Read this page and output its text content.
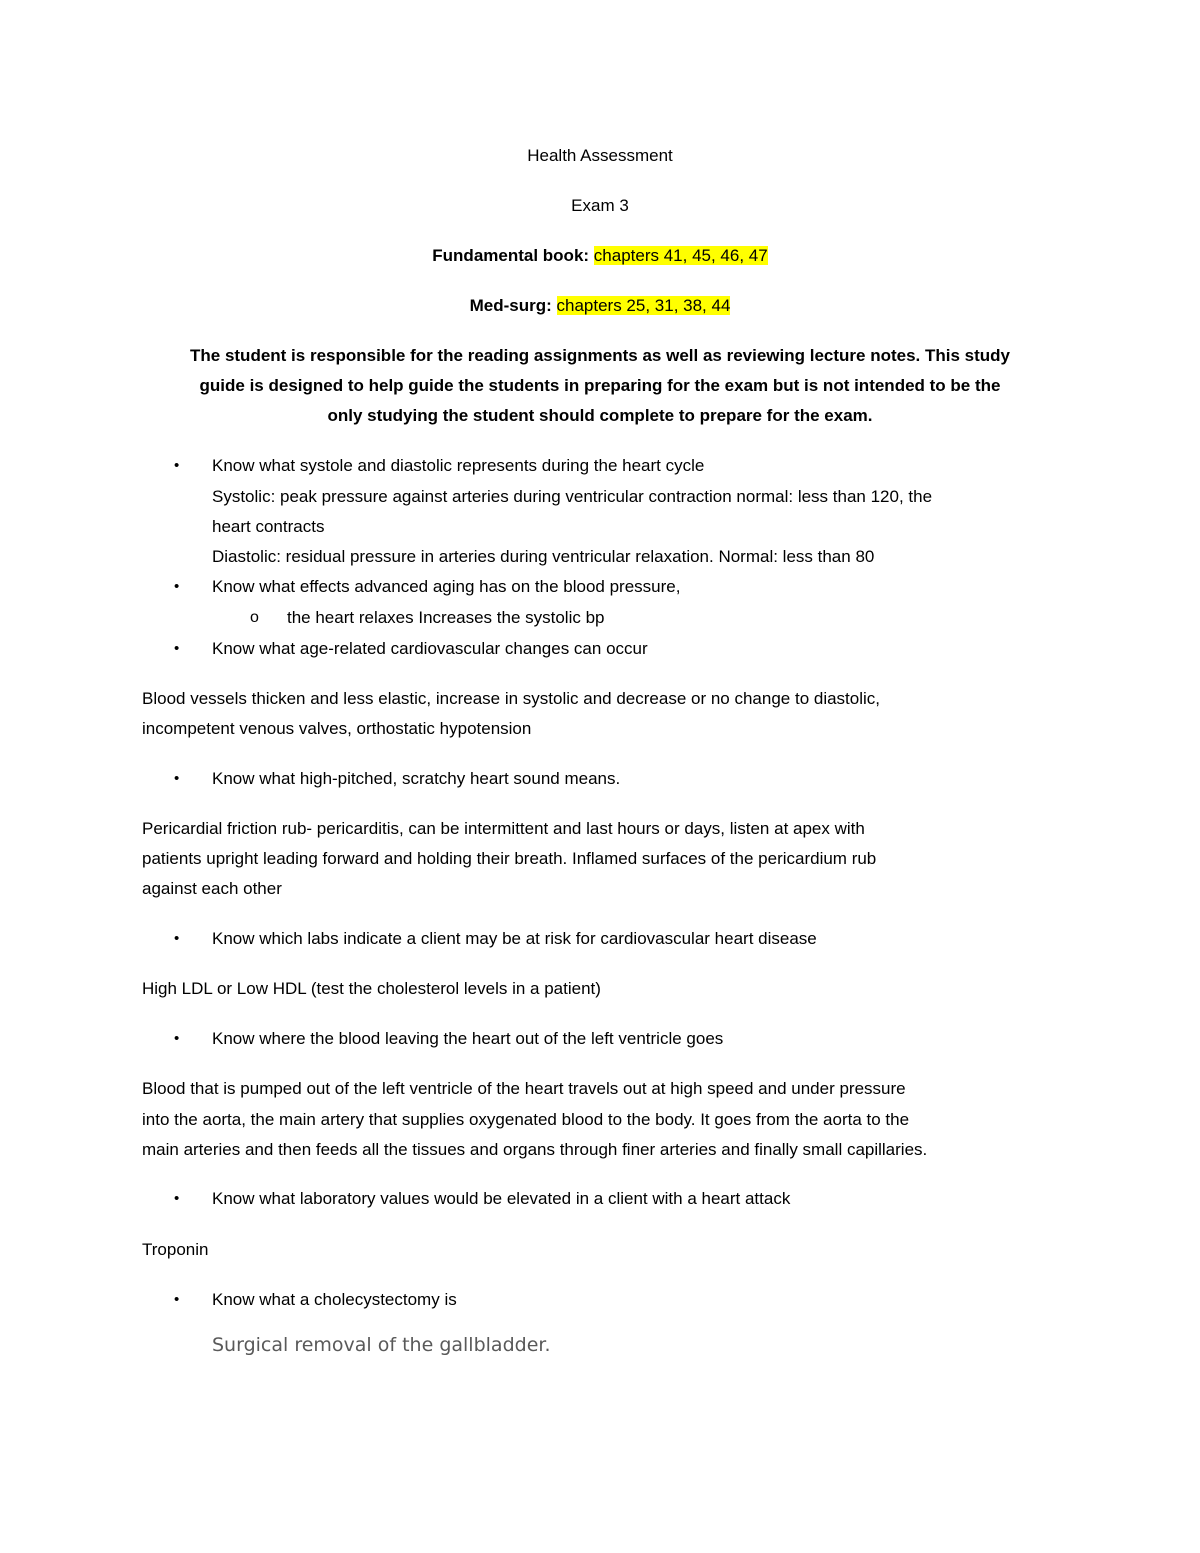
Health Assessment
Exam 3
Fundamental book: chapters 41, 45, 46, 47
Med-surg: chapters 25, 31, 38, 44
The student is responsible for the reading assignments as well as reviewing lecture notes. This study
guide is designed to help guide the students in preparing for the exam but is not intended to be the
only studying the student should complete to prepare for the exam.
• Know what systole and diastolic represents during the heart cycle
Systolic: peak pressure against arteries during ventricular contraction normal: less than 120, the
heart contracts
Diastolic: residual pressure in arteries during ventricular relaxation. Normal: less than 80
• Know what effects advanced aging has on the blood pressure,
o the heart relaxes Increases the systolic bp
• Know what age-related cardiovascular changes can occur
Blood vessels thicken and less elastic, increase in systolic and decrease or no change to diastolic,
incompetent venous valves, orthostatic hypotension
• Know what high-pitched, scratchy heart sound means.
Pericardial friction rub- pericarditis, can be intermittent and last hours or days, listen at apex with
patients upright leading forward and holding their breath. Inflamed surfaces of the pericardium rub
against each other
• Know which labs indicate a client may be at risk for cardiovascular heart disease
High LDL or Low HDL (test the cholesterol levels in a patient)
• Know where the blood leaving the heart out of the left ventricle goes
Blood that is pumped out of the left ventricle of the heart travels out at high speed and under pressure
into the aorta, the main artery that supplies oxygenated blood to the body. It goes from the aorta to the
main arteries and then feeds all the tissues and organs through finer arteries and finally small capillaries.
• Know what laboratory values would be elevated in a client with a heart attack
Troponin
• Know what a cholecystectomy is
Surgical removal of the gallbladder.
